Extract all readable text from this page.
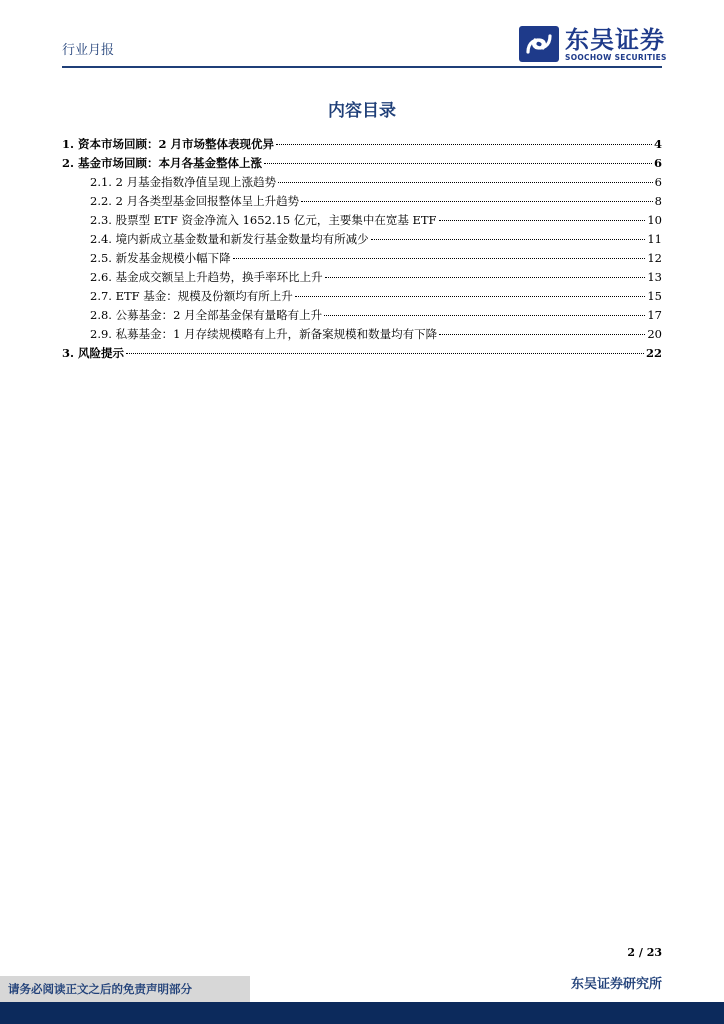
行业月报	东吴证券
SOOCHOW SECURITIES
内容目录
1. 资本市场回顾：2 月市场整体表现优异	4
2. 基金市场回顾：本月各基金整体上涨	6
2.1. 2 月基金指数净值呈现上涨趋势	6
2.2. 2 月各类型基金回报整体呈上升趋势	8
2.3. 股票型 ETF 资金净流入 1652.15 亿元，主要集中在宽基 ETF	10
2.4. 境内新成立基金数量和新发行基金数量均有所减少	11
2.5. 新发基金规模小幅下降	12
2.6. 基金成交额呈上升趋势，换手率环比上升	13
2.7. ETF 基金：规模及份额均有所上升	15
2.8. 公募基金：2 月全部基金保有量略有上升	17
2.9. 私募基金：1 月存续规模略有上升，新备案规模和数量均有下降	20
3. 风险提示	22
2 / 23
请务必阅读正文之后的免责声明部分	东吴证券研究所
